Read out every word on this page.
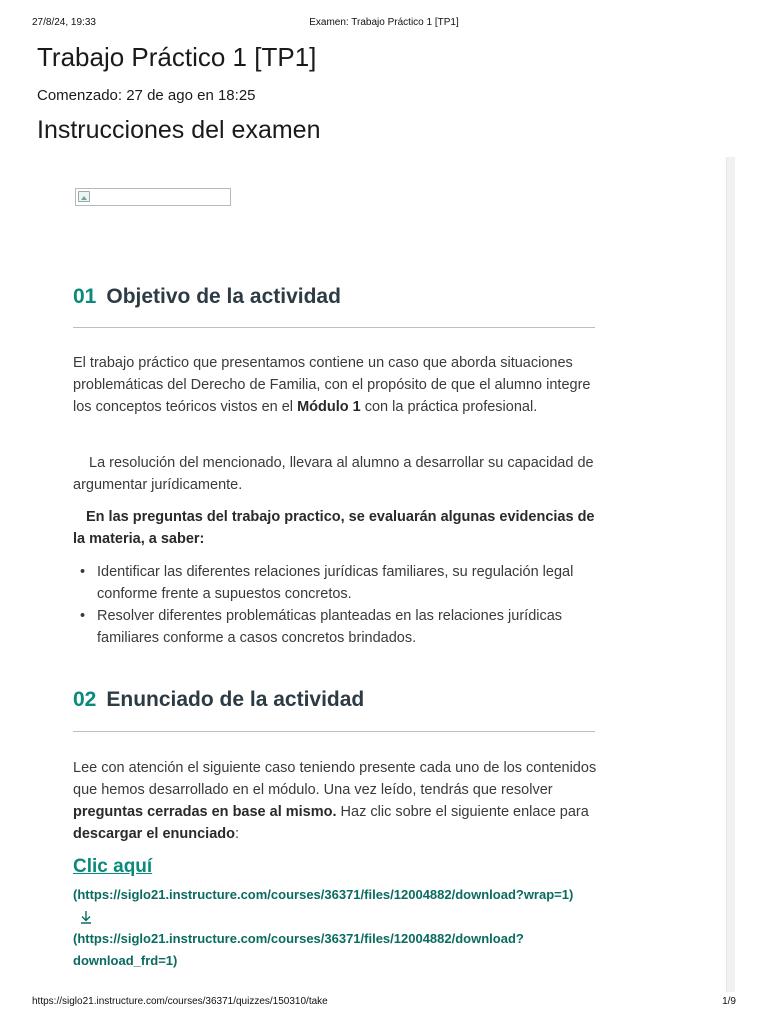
27/8/24, 19:33	Examen: Trabajo Práctico 1 [TP1]
Trabajo Práctico 1 [TP1]
Comenzado: 27 de ago en 18:25
Instrucciones del examen
01 Objetivo de la actividad

El trabajo práctico que presentamos contiene un caso que aborda situaciones problemáticas del Derecho de Familia, con el propósito de que el alumno integre los conceptos teóricos vistos en el Módulo 1 con la práctica profesional.

La resolución del mencionado, llevara al alumno a desarrollar su capacidad de argumentar jurídicamente.

En las preguntas del trabajo practico, se evaluarán algunas evidencias de la materia, a saber:

• Identificar las diferentes relaciones jurídicas familiares, su regulación legal conforme frente a supuestos concretos.
• Resolver diferentes problemáticas planteadas en las relaciones jurídicas familiares conforme a casos concretos brindados.
02 Enunciado de la actividad

Lee con atención el siguiente caso teniendo presente cada uno de los contenidos que hemos desarrollado en el módulo. Una vez leído, tendrás que resolver preguntas cerradas en base al mismo. Haz clic sobre el siguiente enlace para descargar el enunciado:

Clic aquí

(https://siglo21.instructure.com/courses/36371/files/12004882/download?wrap=1)

(https://siglo21.instructure.com/courses/36371/files/12004882/download?download_frd=1)

https://siglo21.instructure.com/courses/36371/quizzes/150310/take	1/9
